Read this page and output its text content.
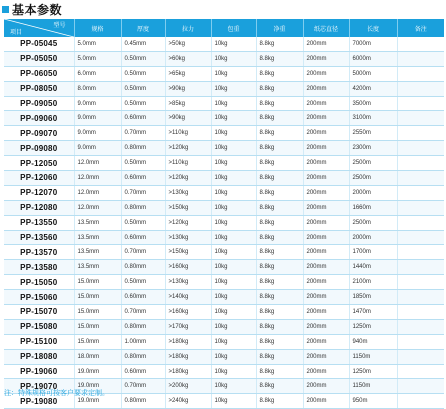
基本参数
型号
项目	规格	厚度	拉力	包重	净重	纸芯直径	长度	备注
PP-05045	5.0mm	0.45mm	>50kg	10kg	8.8kg	200mm	7000m	
PP-05050	5.0mm	0.50mm	>60kg	10kg	8.8kg	200mm	6000m	
PP-06050	6.0mm	0.50mm	>65kg	10kg	8.8kg	200mm	5000m	
PP-08050	8.0mm	0.50mm	>90kg	10kg	8.8kg	200mm	4200m	
PP-09050	9.0mm	0.50mm	>85kg	10kg	8.8kg	200mm	3500m	
PP-09060	9.0mm	0.60mm	>90kg	10kg	8.8kg	200mm	3100m	
PP-09070	9.0mm	0.70mm	>110kg	10kg	8.8kg	200mm	2550m	
PP-09080	9.0mm	0.80mm	>120kg	10kg	8.8kg	200mm	2300m	
PP-12050	12.0mm	0.50mm	>110kg	10kg	8.8kg	200mm	2500m	
PP-12060	12.0mm	0.60mm	>120kg	10kg	8.8kg	200mm	2500m	
PP-12070	12.0mm	0.70mm	>130kg	10kg	8.8kg	200mm	2000m	
PP-12080	12.0mm	0.80mm	>150kg	10kg	8.8kg	200mm	1660m	
PP-13550	13.5mm	0.50mm	>120kg	10kg	8.8kg	200mm	2500m	
PP-13560	13.5mm	0.60mm	>130kg	10kg	8.8kg	200mm	2000m	
PP-13570	13.5mm	0.70mm	>150kg	10kg	8.8kg	200mm	1700m	
PP-13580	13.5mm	0.80mm	>160kg	10kg	8.8kg	200mm	1440m	
PP-15050	15.0mm	0.50mm	>130kg	10kg	8.8kg	200mm	2100m	
PP-15060	15.0mm	0.60mm	>140kg	10kg	8.8kg	200mm	1850m	
PP-15070	15.0mm	0.70mm	>160kg	10kg	8.8kg	200mm	1470m	
PP-15080	15.0mm	0.80mm	>170kg	10kg	8.8kg	200mm	1250m	
PP-15100	15.0mm	1.00mm	>180kg	10kg	8.8kg	200mm	940m	
PP-18080	18.0mm	0.80mm	>180kg	10kg	8.8kg	200mm	1150m	
PP-19060	19.0mm	0.60mm	>180kg	10kg	8.8kg	200mm	1250m	
PP-19070	19.0mm	0.70mm	>200kg	10kg	8.8kg	200mm	1150m	
PP-19080	19.0mm	0.80mm	>240kg	10kg	8.8kg	200mm	950m	
注：特殊规格可按客户要求定制。
